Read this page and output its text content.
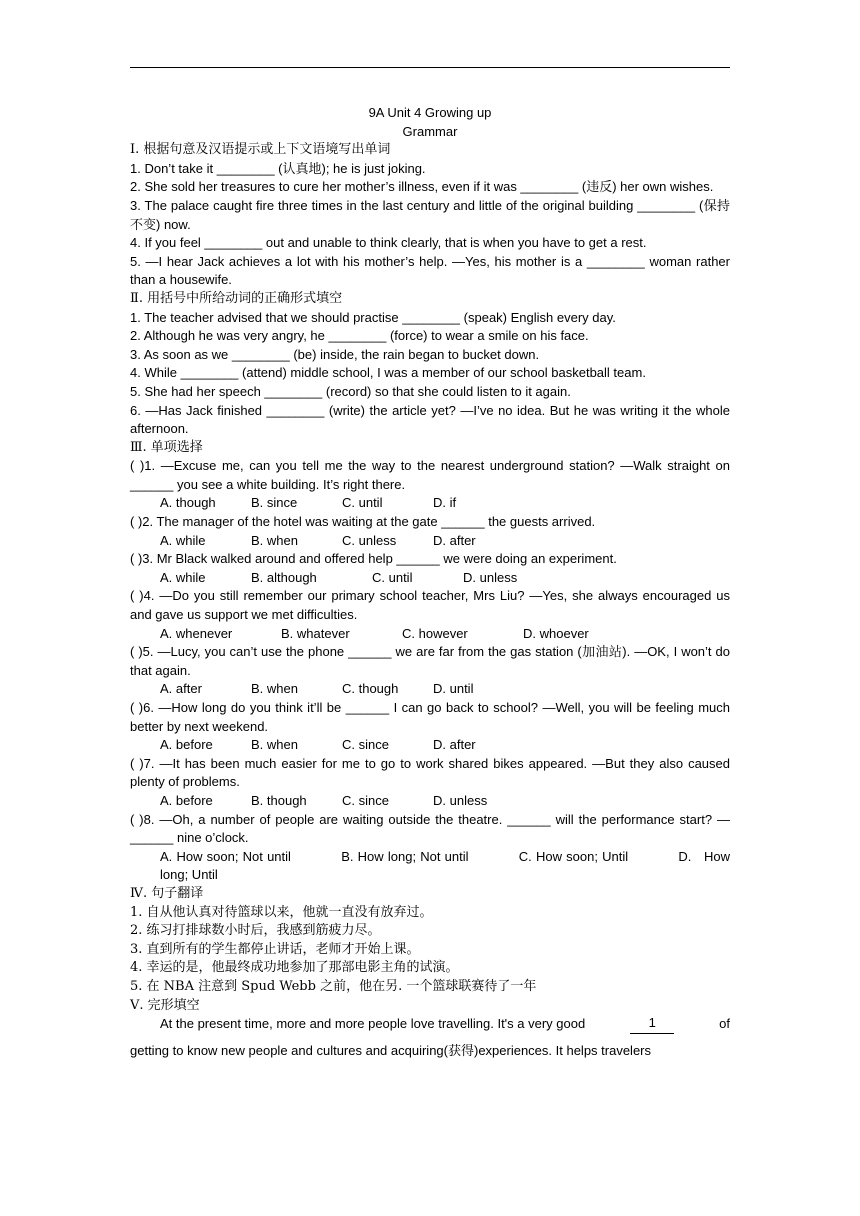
9A Unit 4 Growing up
Grammar
Ⅰ. 根据句意及汉语提示或上下文语境写出单词
1. Don’t take it ________ (认真地); he is just joking.
2. She sold her treasures to cure her mother’s illness, even if it was ________ (违反) her own wishes.
3. The palace caught fire three times in the last century and little of the original building ________ (保持不变) now.
4. If you feel ________ out and unable to think clearly, that is when you have to get a rest.
5. —I hear Jack achieves a lot with his mother’s help. —Yes, his mother is a ________ woman rather than a housewife.
Ⅱ. 用括号中所给动词的正确形式填空
1. The teacher advised that we should practise ________ (speak) English every day.
2. Although he was very angry, he ________ (force) to wear a smile on his face.
3. As soon as we ________ (be) inside, the rain began to bucket down.
4. While ________ (attend) middle school, I was a member of our school basketball team.
5. She had her speech ________ (record) so that she could listen to it again.
6. —Has Jack finished ________ (write) the article yet? —I’ve no idea. But he was writing it the whole afternoon.
Ⅲ. 单项选择
( )1. —Excuse me, can you tell me the way to the nearest underground station? —Walk straight on ______ you see a white building. It’s right there.
A. though	B. since	C. until	D. if
( )2. The manager of the hotel was waiting at the gate ______ the guests arrived.
A. while	B. when	C. unless	D. after
( )3. Mr Black walked around and offered help ______ we were doing an experiment.
A. while	B. although	C. until	D. unless
( )4. —Do you still remember our primary school teacher, Mrs Liu? —Yes, she always encouraged us and gave us support we met difficulties.
A. whenever	B. whatever	C. however	D. whoever
( )5. —Lucy, you can’t use the phone ______ we are far from the gas station (加油站). —OK, I won’t do that again.
A. after	B. when	C. though	D. until
( )6. —How long do you think it’ll be ______ I can go back to school? —Well, you will be feeling much better by next weekend.
A. before	B. when	C. since	D. after
( )7. —It has been much easier for me to go to work shared bikes appeared. —But they also caused plenty of problems.
A. before	B. though	C. since	D. unless
( )8. —Oh, a number of people are waiting outside the theatre. ______ will the performance start? — ______ nine o’clock.
A. How soon; Not until            B. How long; Not until            C. How soon; Until            D.   How long; Until
Ⅳ. 句子翻译
1. 自从他认真对待篮球以来，他就一直没有放弃过。
2. 练习打排球数小时后，我感到筋疲力尽。
3. 直到所有的学生都停止讲话，老师才开始上课。
4. 幸运的是，他最终成功地参加了那部电影主角的试演。
5. 在 NBA 注意到 Spud Webb 之前，他在另. 一个篮球联赛待了一年
Ⅴ. 完形填空
At the present time, more and more people love travelling. It's a very good	1	of
getting to know new people and cultures and acquiring(获得)experiences. It helps travelers
